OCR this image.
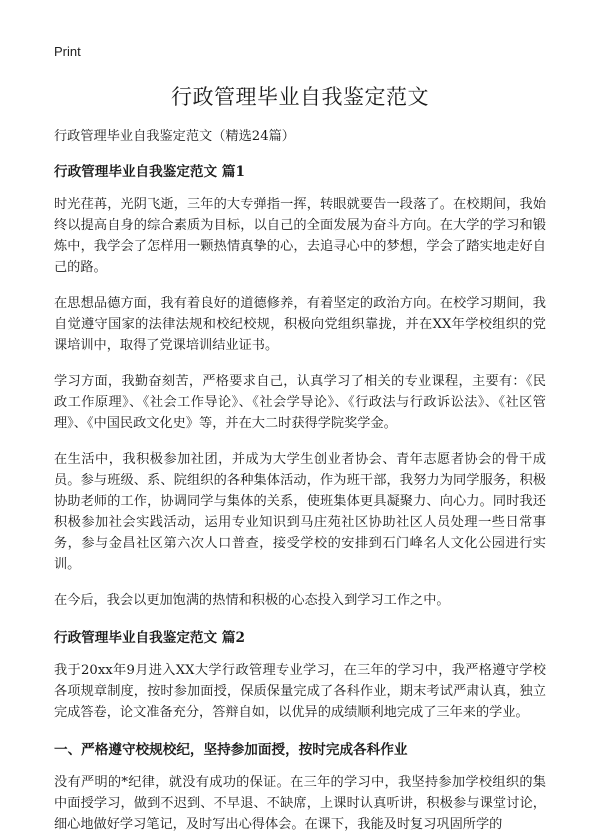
Print
行政管理毕业自我鉴定范文
行政管理毕业自我鉴定范文（精选24篇）
行政管理毕业自我鉴定范文 篇1

时光荏苒，光阴飞逝，三年的大专弹指一挥，转眼就要告一段落了。在校期间，我始终以提高自身的综合素质为目标，以自己的全面发展为奋斗方向。在大学的学习和锻炼中，我学会了怎样用一颗热情真挚的心，去追寻心中的梦想，学会了踏实地走好自己的路。

在思想品德方面，我有着良好的道德修养，有着坚定的政治方向。在校学习期间，我自觉遵守国家的法律法规和校纪校规，积极向党组织靠拢，并在XX年学校组织的党课培训中，取得了党课培训结业证书。

学习方面，我勤奋刻苦，严格要求自己，认真学习了相关的专业课程，主要有：《民政工作原理》、《社会工作导论》、《社会学导论》、《行政法与行政诉讼法》、《社区管理》、《中国民政文化史》等，并在大二时获得学院奖学金。

在生活中，我积极参加社团，并成为大学生创业者协会、青年志愿者协会的骨干成员。参与班级、系、院组织的各种集体活动，作为班干部，我努力为同学服务，积极协助老师的工作，协调同学与集体的关系，使班集体更具凝聚力、向心力。同时我还积极参加社会实践活动，运用专业知识到马庄苑社区协助社区人员处理一些日常事务，参与金昌社区第六次人口普查，接受学校的安排到石门峰名人文化公园进行实训。

在今后，我会以更加饱满的热情和积极的心态投入到学习工作之中。

行政管理毕业自我鉴定范文 篇2

我于20xx年9月进入XX大学行政管理专业学习，在三年的学习中，我严格遵守学校各项规章制度，按时参加面授，保质保量完成了各科作业，期末考试严肃认真，独立完成答卷，论文准备充分，答辩自如，以优异的成绩顺利地完成了三年来的学业。

一、严格遵守校规校纪，坚持参加面授，按时完成各科作业

没有严明的*纪律，就没有成功的保证。在三年的学习中，我坚持参加学校组织的集中面授学习，做到不迟到、不早退、不缺席，上课时认真听讲，积极参与课堂讨论，细心地做好学习笔记，及时写出心得体会。在课下，我能及时复习巩固所学的
